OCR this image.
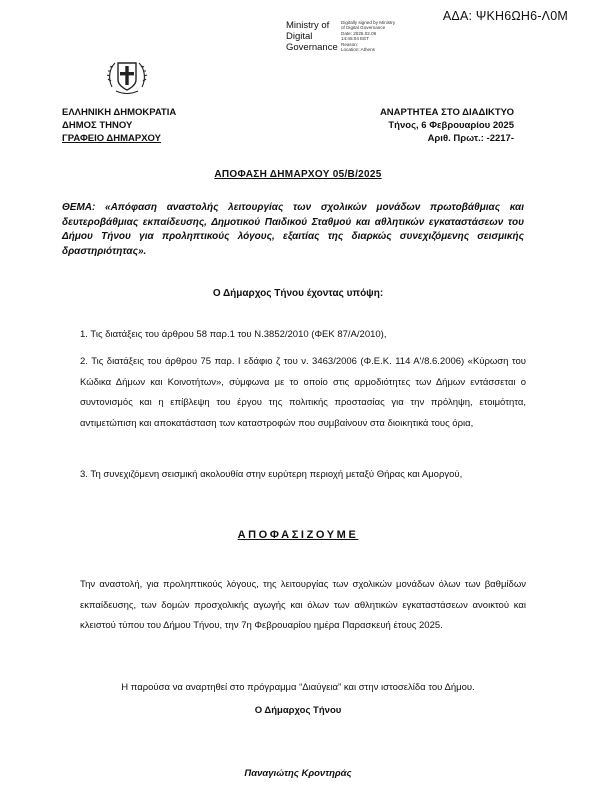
ΑΔΑ: ΨΚΗ6ΩΗ6-Λ0Μ
Ministry of
Digital
Governance
Digitally signed by Ministry
of Digital Governance
Date: 2025.02.06
14:45:04 EET
Reason:
Location: Athens
ΕΛΛΗΝΙΚΗ ΔΗΜΟΚΡΑΤΙΑ
ΔΗΜΟΣ ΤΗΝΟΥ
ΓΡΑΦΕΙΟ ΔΗΜΑΡΧΟΥ
ΑΝΑΡΤΗΤΕΑ ΣΤΟ ΔΙΑΔΙΚΤΥΟ
Τήνος, 6 Φεβρουαρίου 2025
Αριθ. Πρωτ.: -2217-
ΑΠΟΦΑΣΗ ΔΗΜΑΡΧΟΥ 05/Β/2025
ΘΕΜΑ: «Απόφαση αναστολής λειτουργίας των σχολικών μονάδων πρωτοβάθμιας και δευτεροβάθμιας εκπαίδευσης, Δημοτικού Παιδικού Σταθμού και αθλητικών εγκαταστάσεων του Δήμου Τήνου για προληπτικούς λόγους, εξαιτίας της διαρκώς συνεχιζόμενης σεισμικής δραστηριότητας».
Ο Δήμαρχος Τήνου έχοντας υπόψη:
1. Τις διατάξεις του άρθρου 58 παρ.1 του Ν.3852/2010 (ΦΕΚ 87/Α/2010),
2. Τις διατάξεις του άρθρου 75 παρ. I εδάφιο ζ του ν. 3463/2006 (Φ.Ε.Κ. 114 Α'/8.6.2006) «Κύρωση του Κώδικα Δήμων και Κοινοτήτων», σύμφωνα με το οποίο στις αρμοδιότητες των Δήμων εντάσσεται ο συντονισμός και η επίβλεψη του έργου της πολιτικής προστασίας για την πρόληψη, ετοιμότητα, αντιμετώπιση και αποκατάσταση των καταστροφών που συμβαίνουν στα διοικητικά τους όρια,
3. Τη συνεχιζόμενη σεισμική ακολουθία στην ευρύτερη περιοχή μεταξύ Θήρας και Αμοργού,
ΑΠΟΦΑΣΙΖΟΥΜΕ
Την αναστολή, για προληπτικούς λόγους, της λειτουργίας των σχολικών μονάδων όλων των βαθμίδων εκπαίδευσης, των δομών προσχολικής αγωγής και όλων των αθλητικών εγκαταστάσεων ανοικτού και κλειστού τύπου του Δήμου Τήνου, την 7η Φεβρουαρίου ημέρα Παρασκευή έτους 2025.
Η παρούσα να αναρτηθεί στο πρόγραμμα “Διαύγεια” και στην ιστοσελίδα του Δήμου.
Ο Δήμαρχος Τήνου
Παναγιώτης Κροντηράς
